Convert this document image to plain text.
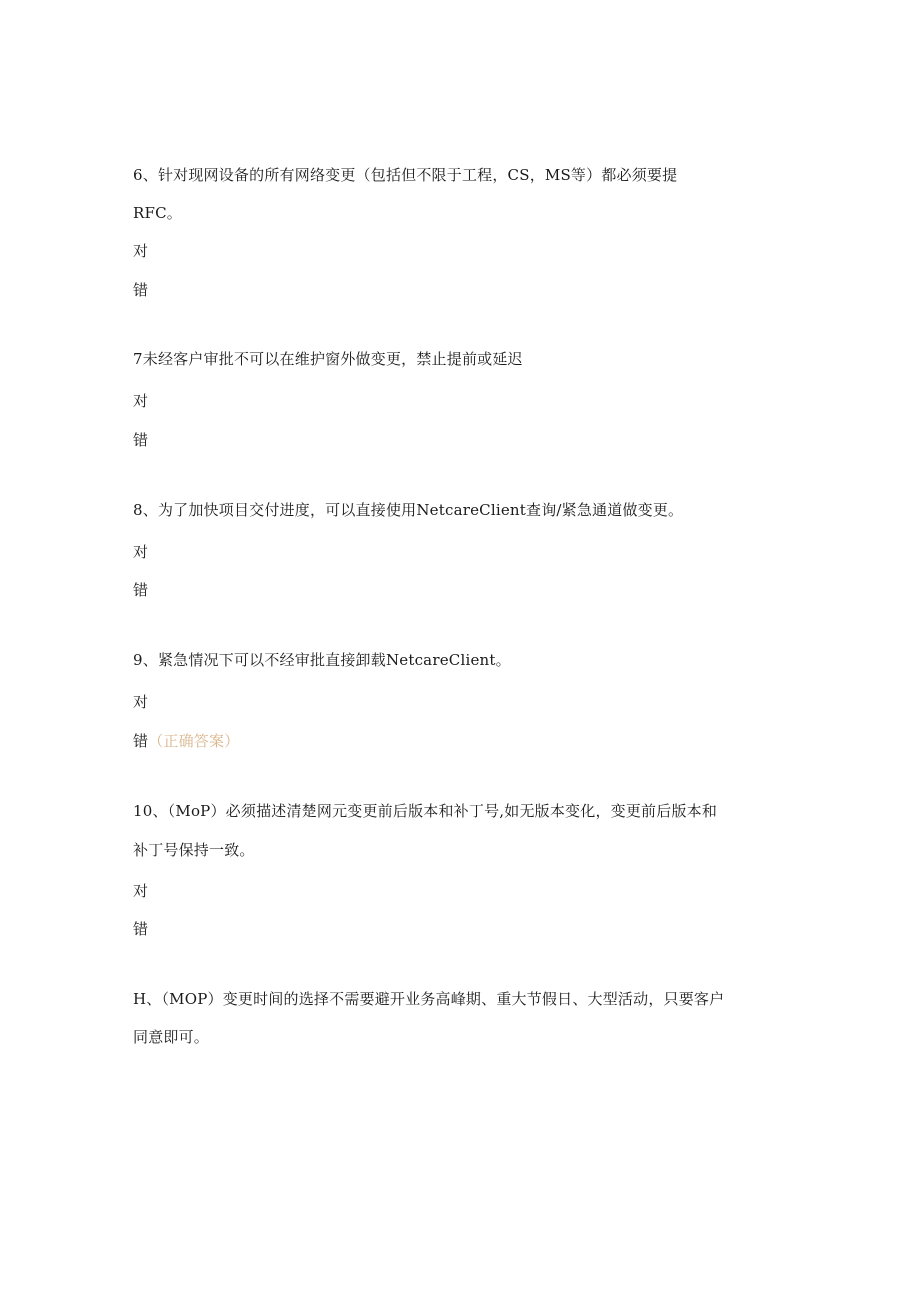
6、针对现网设备的所有网络变更（包括但不限于工程，CS，MS等）都必须要提
RFC。
对
错
7未经客户审批不可以在维护窗外做变更，禁止提前或延迟
对
错
8、为了加快项目交付进度，可以直接使用NetcareClient查询/紧急通道做变更。
对
错
9、紧急情况下可以不经审批直接卸载NetcareClient。
对
错（正确答案）
10、（MoP）必须描述清楚网元变更前后版本和补丁号,如无版本变化，变更前后版本和
补丁号保持一致。
对
错
H、（MOP）变更时间的选择不需要避开业务高峰期、重大节假日、大型活动，只要客户
同意即可。
